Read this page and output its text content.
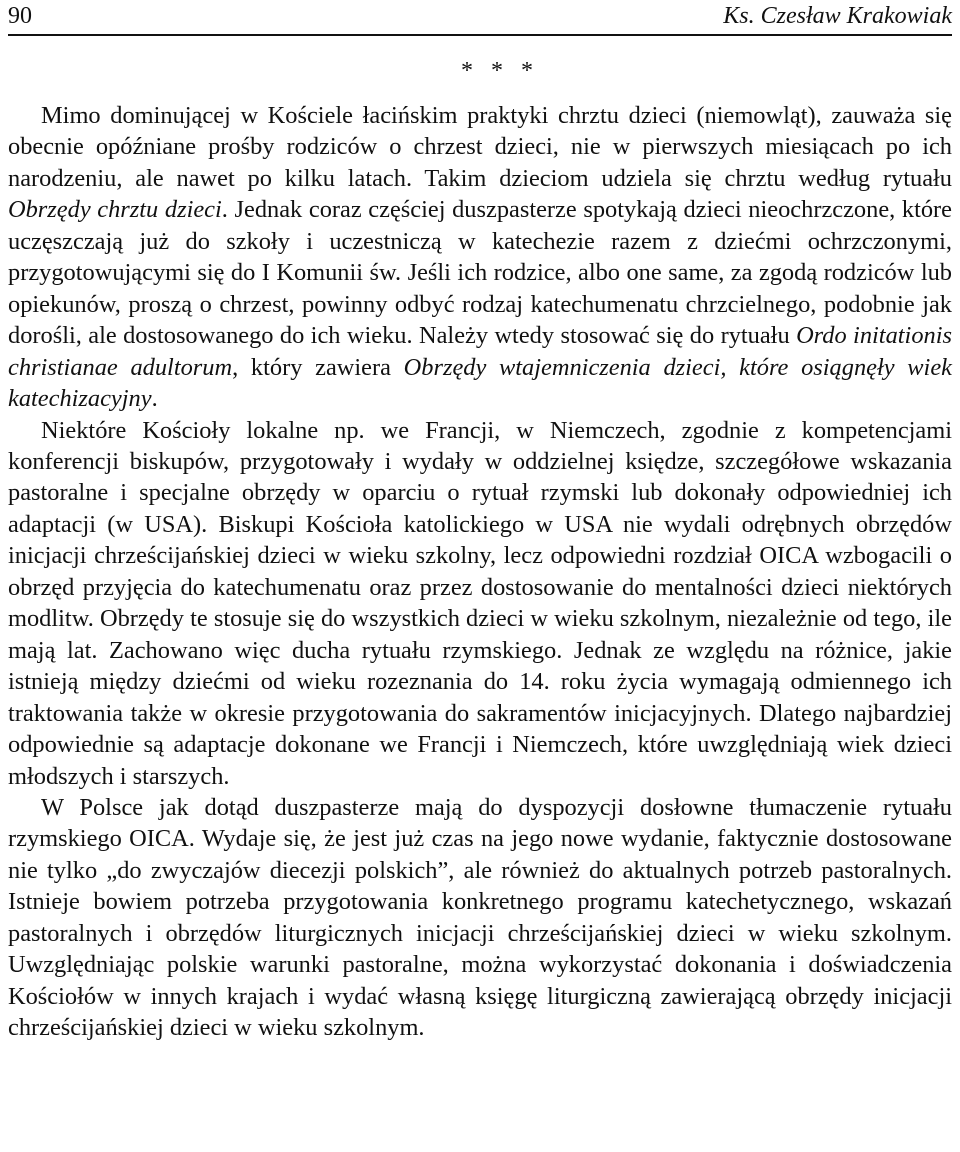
90	Ks. Czesław Krakowiak
* * *

Mimo dominującej w Kościele łacińskim praktyki chrztu dzieci (niemowląt), zauważa się obecnie opóźniane prośby rodziców o chrzest dzieci, nie w pierwszych miesiącach po ich narodzeniu, ale nawet po kilku latach. Takim dzieciom udziela się chrztu według rytuału Obrzędy chrztu dzieci. Jednak coraz częściej duszpasterze spotykają dzieci nieochrzczone, które uczęszczają już do szkoły i uczestniczą w katechezie razem z dziećmi ochrzczonymi, przygotowującymi się do I Komunii św. Jeśli ich rodzice, albo one same, za zgodą rodziców lub opiekunów, proszą o chrzest, powinny odbyć rodzaj katechumenatu chrzcielnego, podobnie jak dorośli, ale dostosowanego do ich wieku. Należy wtedy stosować się do rytuału Ordo initationis christianae adultorum, który zawiera Obrzędy wtajemniczenia dzieci, które osiągnęły wiek katechizacyjny.

Niektóre Kościoły lokalne np. we Francji, w Niemczech, zgodnie z kompetencjami konferencji biskupów, przygotowały i wydały w oddzielnej księdze, szczegółowe wskazania pastoralne i specjalne obrzędy w oparciu o rytuał rzymski lub dokonały odpowiedniej ich adaptacji (w USA). Biskupi Kościoła katolickiego w USA nie wydali odrębnych obrzędów inicjacji chrześcijańskiej dzieci w wieku szkolny, lecz odpowiedni rozdział OICA wzbogacili o obrzęd przyjęcia do katechumenatu oraz przez dostosowanie do mentalności dzieci niektórych modlitw. Obrzędy te stosuje się do wszystkich dzieci w wieku szkolnym, niezależnie od tego, ile mają lat. Zachowano więc ducha rytuału rzymskiego. Jednak ze względu na różnice, jakie istnieją między dziećmi od wieku rozeznania do 14. roku życia wymagają odmiennego ich traktowania także w okresie przygotowania do sakramentów inicjacyjnych. Dlatego najbardziej odpowiednie są adaptacje dokonane we Francji i Niemczech, które uwzględniają wiek dzieci młodszych i starszych.

W Polsce jak dotąd duszpasterze mają do dyspozycji dosłowne tłumaczenie rytuału rzymskiego OICA. Wydaje się, że jest już czas na jego nowe wydanie, faktycznie dostosowane nie tylko „do zwyczajów diecezji polskich”, ale również do aktualnych potrzeb pastoralnych. Istnieje bowiem potrzeba przygotowania konkretnego programu katechetycznego, wskazań pastoralnych i obrzędów liturgicznych inicjacji chrześcijańskiej dzieci w wieku szkolnym. Uwzględniając polskie warunki pastoralne, można wykorzystać dokonania i doświadczenia Kościołów w innych krajach i wydać własną księgę liturgiczną zawierającą obrzędy inicjacji chrześcijańskiej dzieci w wieku szkolnym.
